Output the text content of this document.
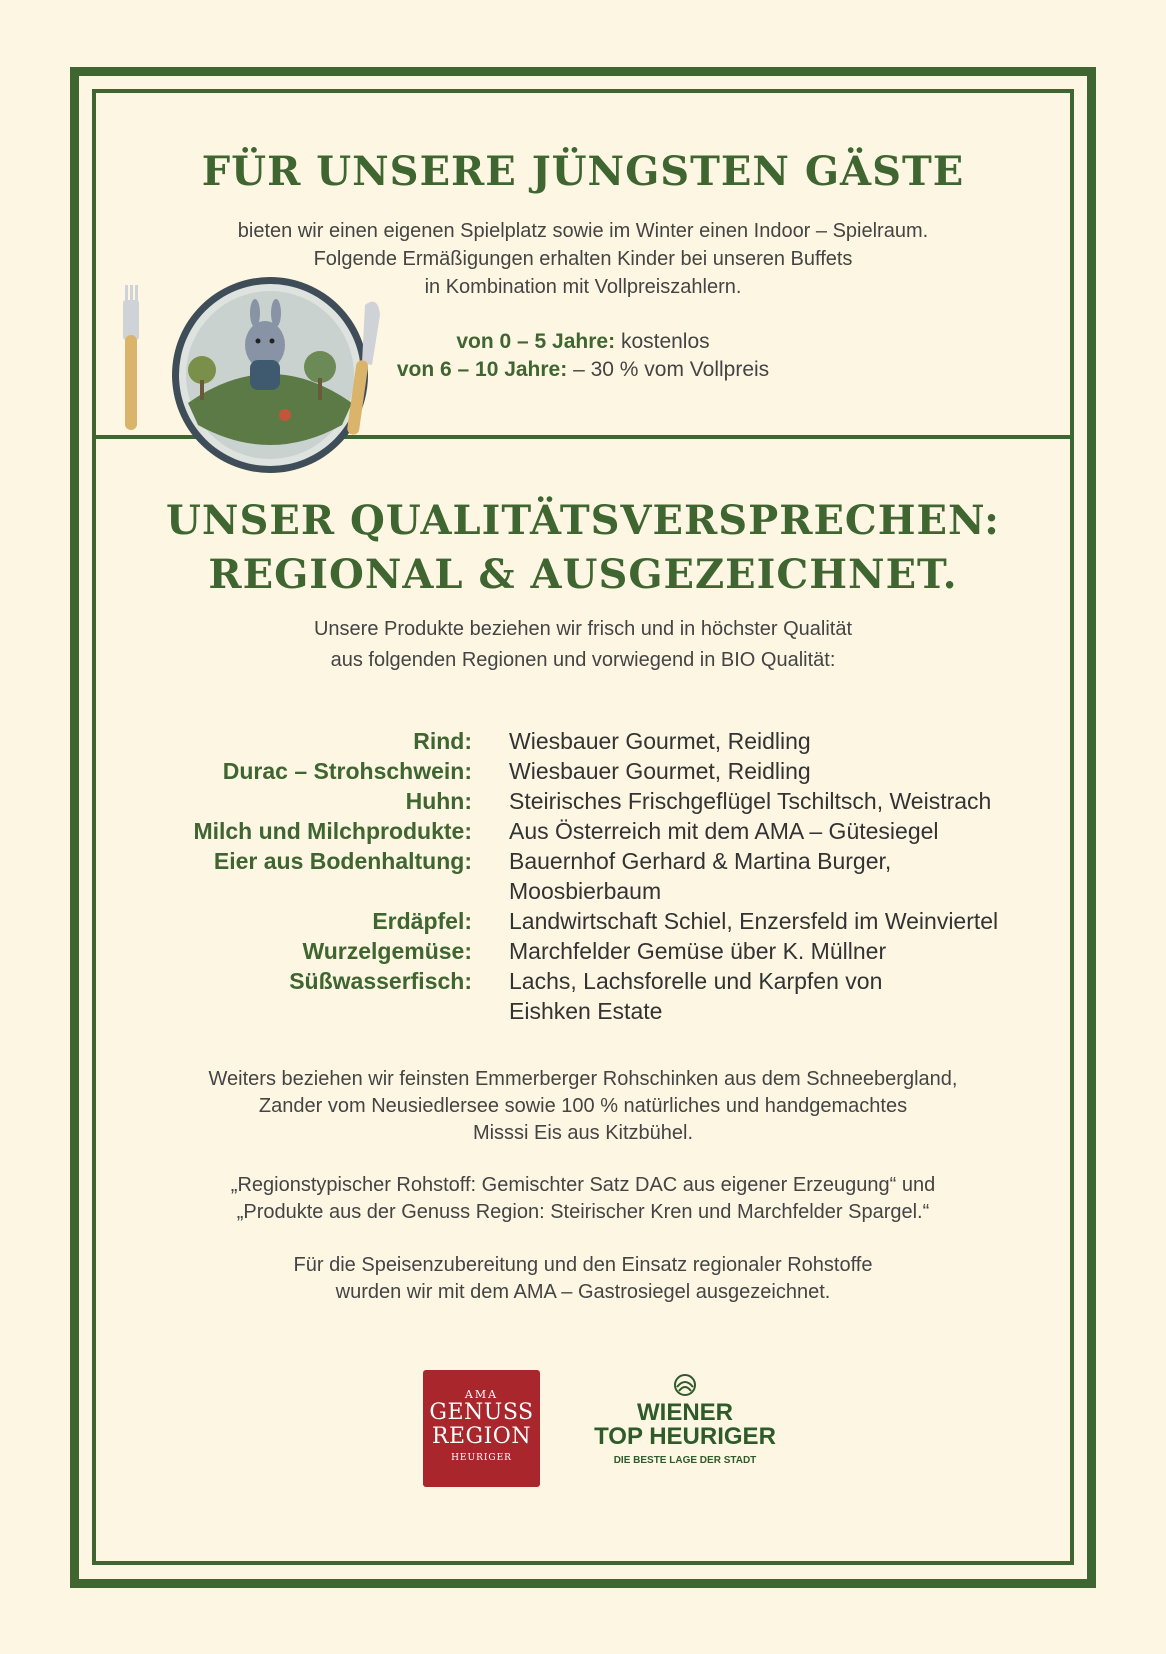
FÜR UNSERE JÜNGSTEN GÄSTE
bieten wir einen eigenen Spielplatz sowie im Winter einen Indoor – Spielraum.
Folgende Ermäßigungen erhalten Kinder bei unseren Buffets
in Kombination mit Vollpreiszahlern.
von 0 – 5 Jahre: kostenlos
von 6 – 10 Jahre: – 30 % vom Vollpreis
UNSER QUALITÄTSVERSPRECHEN:
REGIONAL & AUSGEZEICHNET.
Unsere Produkte beziehen wir frisch und in höchster Qualität
aus folgenden Regionen und vorwiegend in BIO Qualität:
Rind: Wiesbauer Gourmet, Reidling
Durac – Strohschwein: Wiesbauer Gourmet, Reidling
Huhn: Steirisches Frischgeflügel Tschiltsch, Weistrach
Milch und Milchprodukte: Aus Österreich mit dem AMA – Gütesiegel
Eier aus Bodenhaltung: Bauernhof Gerhard & Martina Burger,
Moosbierbaum
Erdäpfel: Landwirtschaft Schiel, Enzersfeld im Weinviertel
Wurzelgemüse: Marchfelder Gemüse über K. Müllner
Süßwasserfisch: Lachs, Lachsforelle und Karpfen von
Eishken Estate
Weiters beziehen wir feinsten Emmerberger Rohschinken aus dem Schneebergland,
Zander vom Neusiedlersee sowie 100 % natürliches und handgemachtes
Misssi Eis aus Kitzbühel.
„Regionstypischer Rohstoff: Gemischter Satz DAC aus eigener Erzeugung“ und
„Produkte aus der Genuss Region: Steirischer Kren und Marchfelder Spargel.“
Für die Speisenzubereitung und den Einsatz regionaler Rohstoffe
wurden wir mit dem AMA – Gastrosiegel ausgezeichnet.
AMA
GENUSS
REGION
HEURIGER
WIENER
TOP HEURIGER
DIE BESTE LAGE DER STADT
